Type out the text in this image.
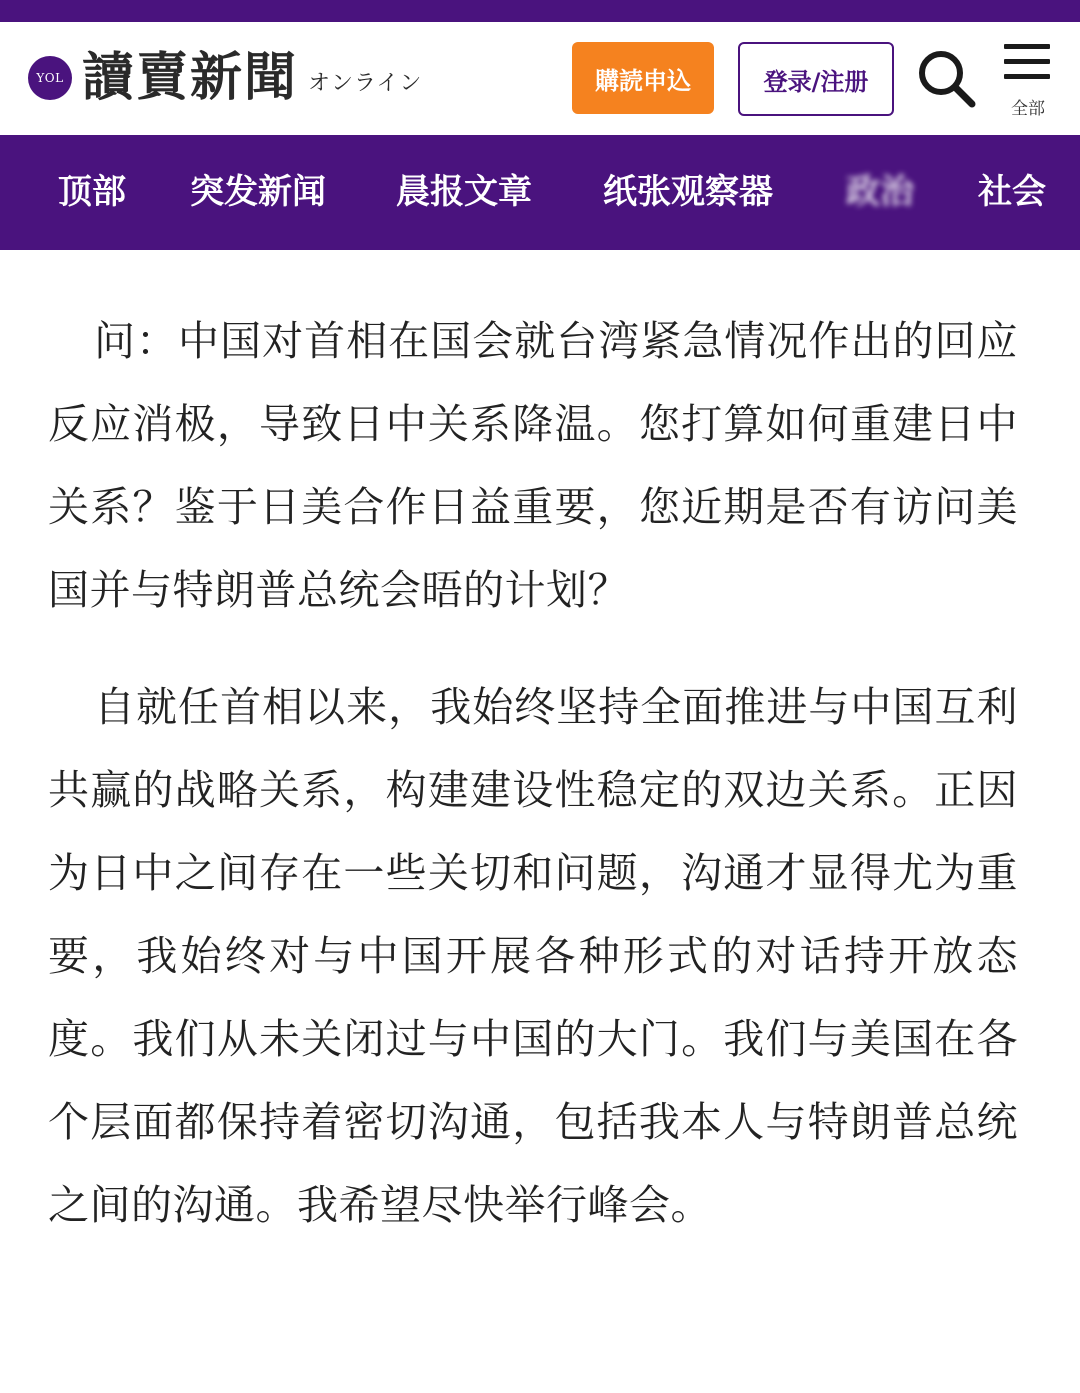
YOL 讀賣新聞 オンライン	購読申込	登录/注册
全部
顶部 突发新闻 晨报文章 纸张观察器 政治 社会

问：中国对首相在国会就台湾紧急情况作出的回应反应消极，导致日中关系降温。您打算如何重建日中关系？鉴于日美合作日益重要，您近期是否有访问美国并与特朗普总统会晤的计划？

自就任首相以来，我始终坚持全面推进与中国互利共赢的战略关系，构建建设性稳定的双边关系。正因为日中之间存在一些关切和问题，沟通才显得尤为重要，我始终对与中国开展各种形式的对话持开放态度。我们从未关闭过与中国的大门。我们与美国在各个层面都保持着密切沟通，包括我本人与特朗普总统之间的沟通。我希望尽快举行峰会。
